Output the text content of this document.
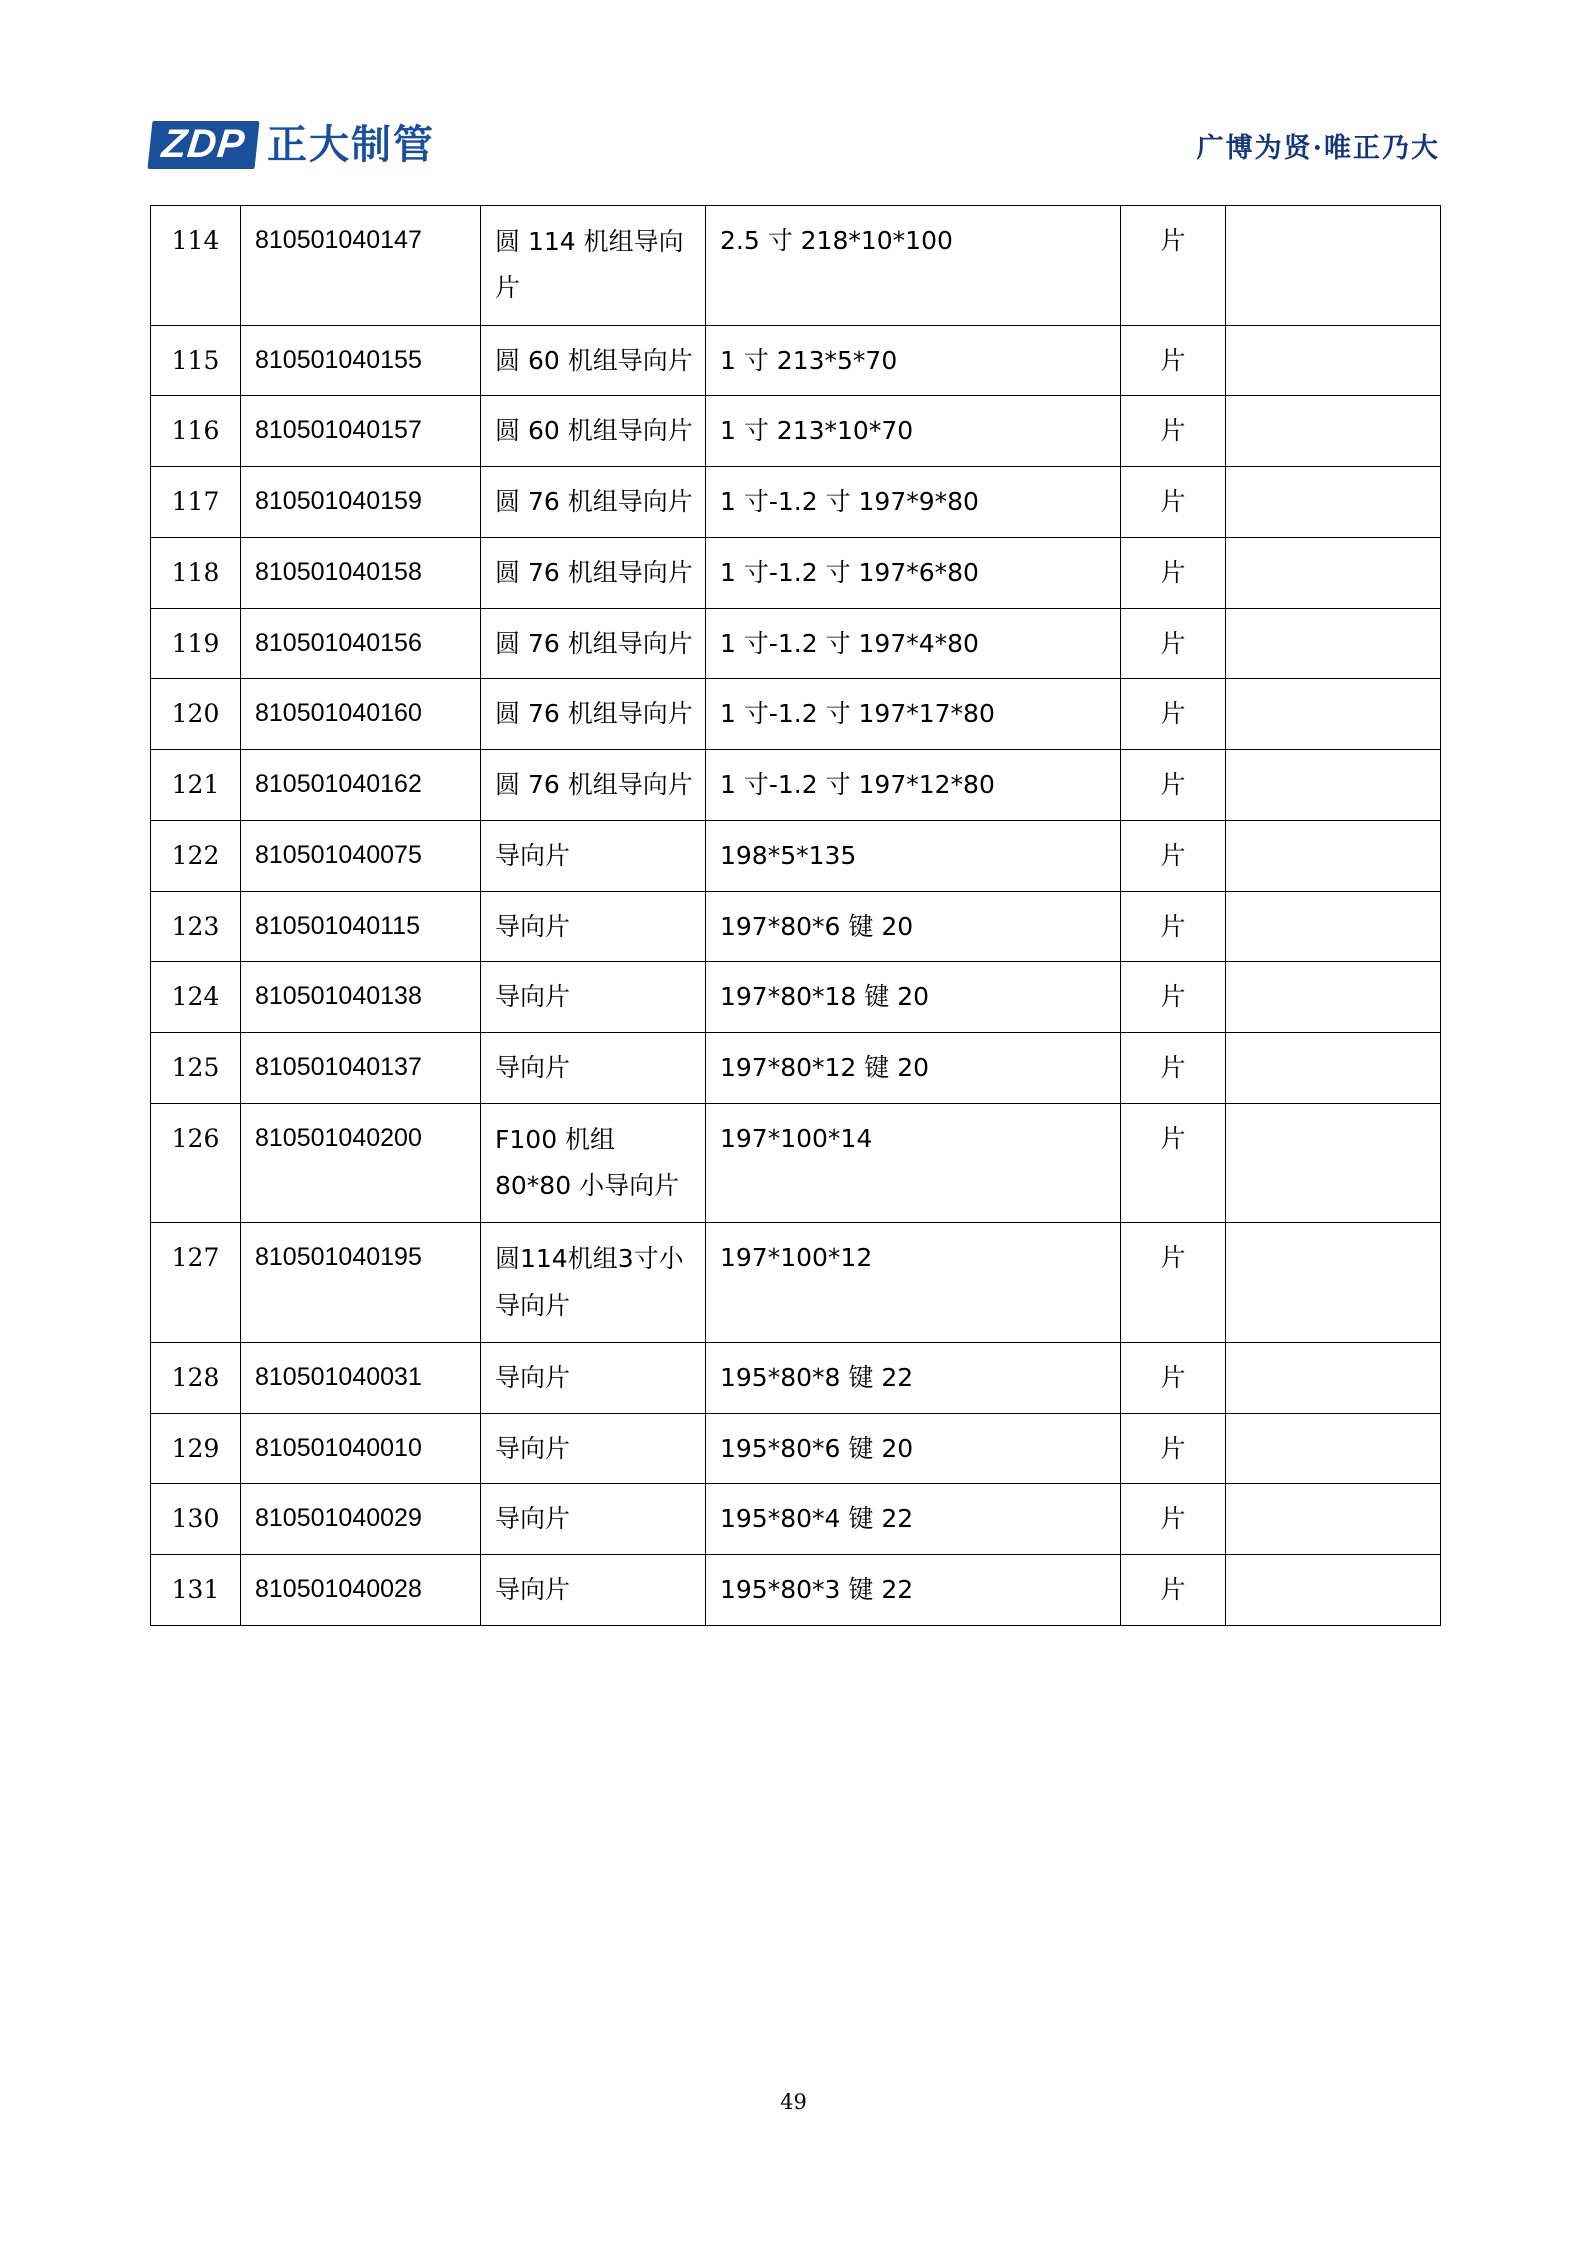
ZDP 正大制管	广博为贤·唯正乃大
114	810501040147	圆 114 机组导向片	2.5 寸 218*10*100	片	

115	810501040155	圆 60 机组导向片	1 寸 213*5*70	片	

116	810501040157	圆 60 机组导向片	1 寸 213*10*70	片	

117	810501040159	圆 76 机组导向片	1 寸-1.2 寸 197*9*80	片	

118	810501040158	圆 76 机组导向片	1 寸-1.2 寸 197*6*80	片	

119	810501040156	圆 76 机组导向片	1 寸-1.2 寸 197*4*80	片	

120	810501040160	圆 76 机组导向片	1 寸-1.2 寸 197*17*80	片	

121	810501040162	圆 76 机组导向片	1 寸-1.2 寸 197*12*80	片	

122	810501040075	导向片	198*5*135	片	

123	810501040115	导向片	197*80*6 键 20	片	

124	810501040138	导向片	197*80*18 键 20	片	

125	810501040137	导向片	197*80*12 键 20	片	

126	810501040200	F100 机组 80*80 小导向片	197*100*14	片	

127	810501040195	圆114机组3寸小导向片	197*100*12	片	

128	810501040031	导向片	195*80*8 键 22	片	

129	810501040010	导向片	195*80*6 键 20	片	

130	810501040029	导向片	195*80*4 键 22	片	

131	810501040028	导向片	195*80*3 键 22	片	

49
